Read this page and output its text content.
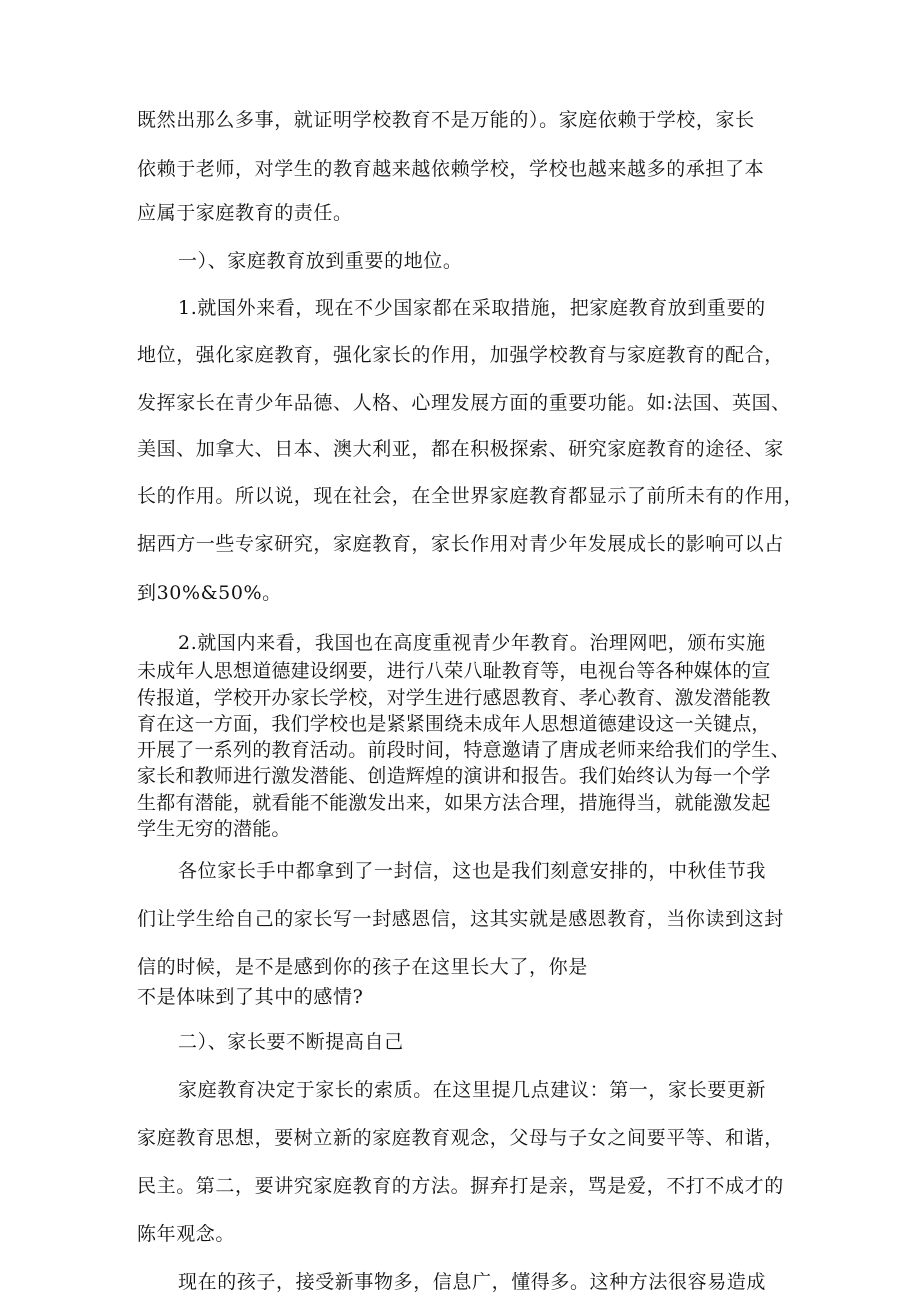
既然出那么多事，就证明学校教育不是万能的）。家庭依赖于学校，家长
依赖于老师，对学生的教育越来越依赖学校，学校也越来越多的承担了本
应属于家庭教育的责任。
一）、家庭教育放到重要的地位。
1.就国外来看，现在不少国家都在采取措施，把家庭教育放到重要的
地位，强化家庭教育，强化家长的作用，加强学校教育与家庭教育的配合，
发挥家长在青少年品德、人格、心理发展方面的重要功能。如:法国、英国、
美国、加拿大、日本、澳大利亚，都在积极探索、研究家庭教育的途径、家
长的作用。所以说，现在社会，在全世界家庭教育都显示了前所未有的作用，
据西方一些专家研究，家庭教育，家长作用对青少年发展成长的影响可以占
到30%&50%。
2.就国内来看，我国也在高度重视青少年教育。治理网吧，颁布实施
未成年人思想道德建设纲要，进行八荣八耻教育等，电视台等各种媒体的宣
传报道，学校开办家长学校，对学生进行感恩教育、孝心教育、激发潜能教
育在这一方面，我们学校也是紧紧围绕未成年人思想道德建设这一关键点，
开展了一系列的教育活动。前段时间，特意邀请了唐成老师来给我们的学生、
家长和教师进行激发潜能、创造辉煌的演讲和报告。我们始终认为每一个学
生都有潜能，就看能不能激发出来，如果方法合理，措施得当，就能激发起
学生无穷的潜能。
各位家长手中都拿到了一封信，这也是我们刻意安排的，中秋佳节我
们让学生给自己的家长写一封感恩信，这其实就是感恩教育，当你读到这封
信的时候，是不是感到你的孩子在这里长大了，你是
不是体味到了其中的感情?
二）、家长要不断提高自己
家庭教育决定于家长的索质。在这里提几点建议：第一，家长要更新
家庭教育思想，要树立新的家庭教育观念，父母与子女之间要平等、和谐，
民主。第二，要讲究家庭教育的方法。摒弃打是亲，骂是爱，不打不成才的
陈年观念。
现在的孩子，接受新事物多，信息广，懂得多。这种方法很容易造成
